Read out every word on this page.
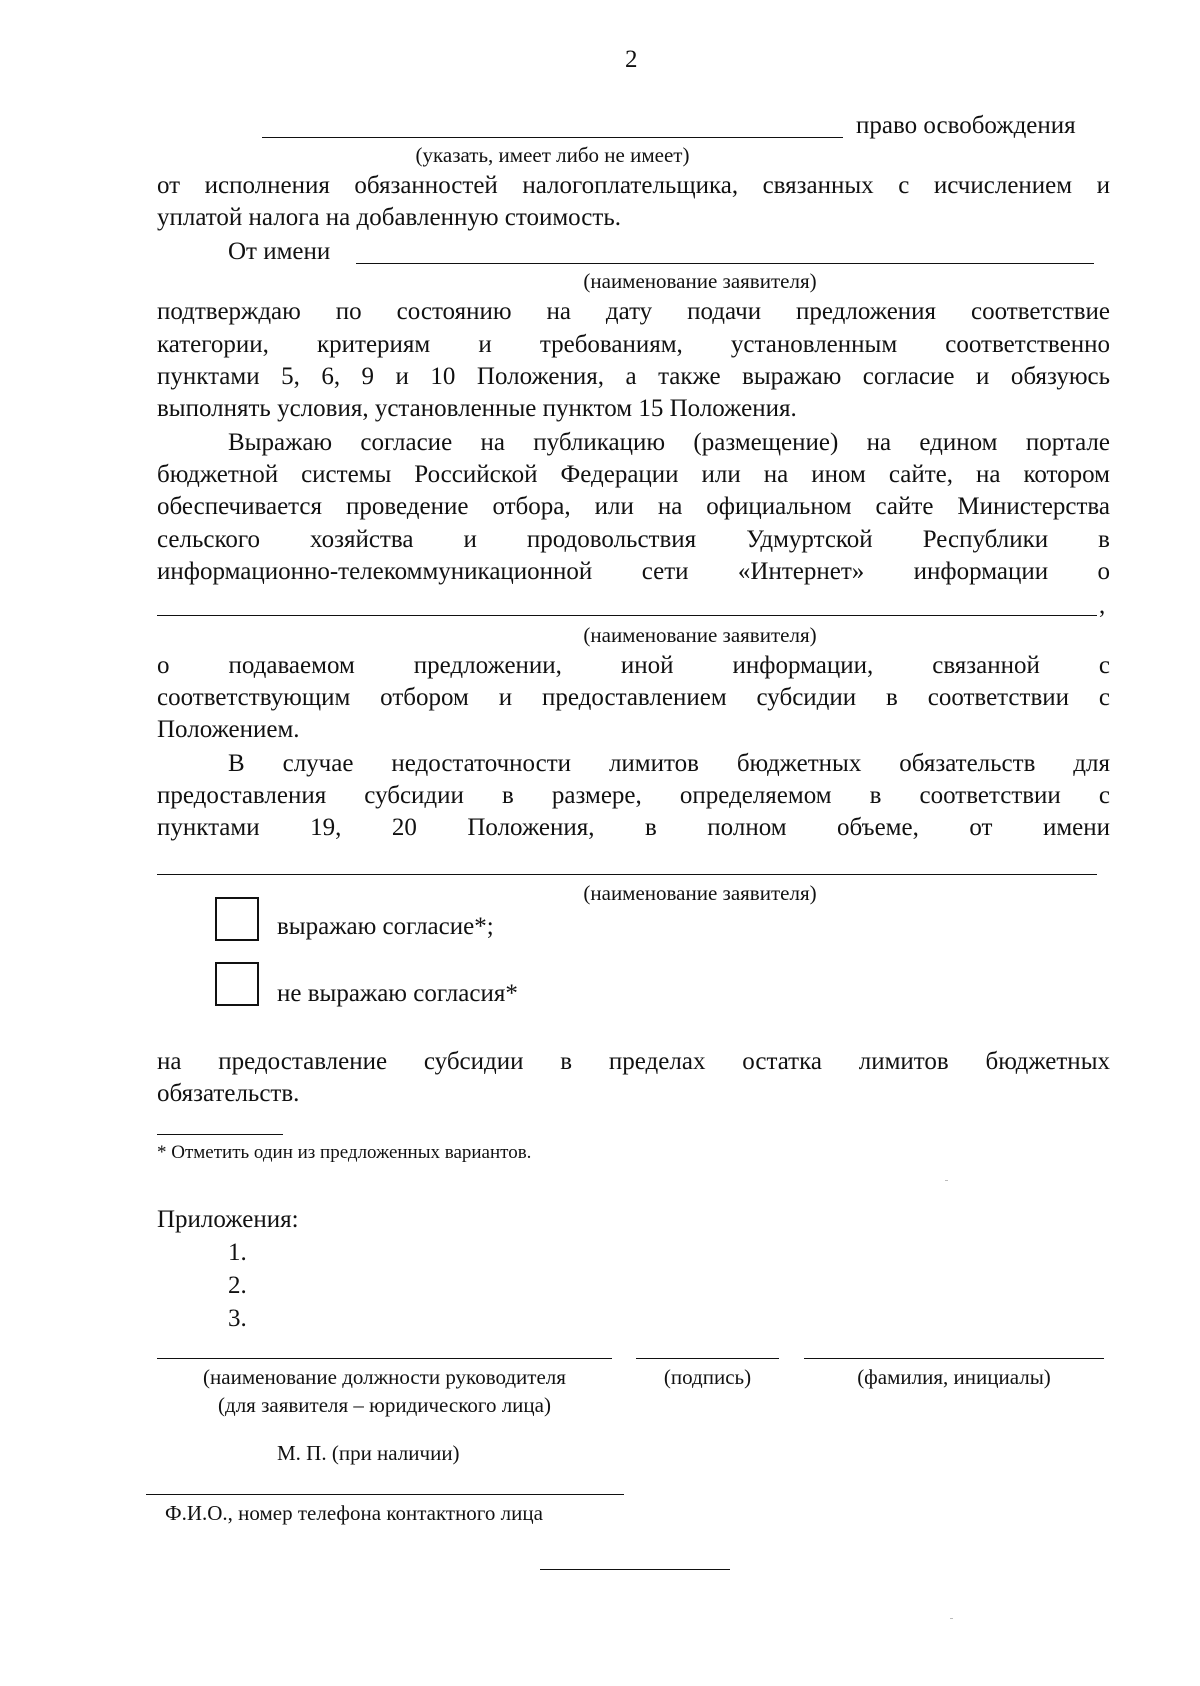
2
право освобождения
(указать, имеет либо не имеет)
от исполнения обязанностей налогоплательщика, связанных с исчислением и
уплатой налога на добавленную стоимость.
От имени
(наименование заявителя)
подтверждаю по состоянию на дату подачи предложения соответствие
категории, критериям и требованиям, установленным соответственно
пунктами 5, 6, 9 и 10 Положения, а также выражаю согласие и обязуюсь
выполнять условия, установленные пунктом 15 Положения.
Выражаю согласие на публикацию (размещение) на едином портале
бюджетной системы Российской Федерации или на ином сайте, на котором
обеспечивается проведение отбора, или на официальном сайте Министерства
сельского хозяйства и продовольствия Удмуртской Республики в
информационно-телекоммуникационной сети «Интернет» информации о
,
(наименование заявителя)
о подаваемом предложении, иной информации, связанной с
соответствующим отбором и предоставлением субсидии в соответствии с
Положением.
В случае недостаточности лимитов бюджетных обязательств для
предоставления субсидии в размере, определяемом в соответствии с
пунктами 19, 20 Положения, в полном объеме, от имени
(наименование заявителя)
выражаю согласие*;
не выражаю согласия*
на предоставление субсидии в пределах остатка лимитов бюджетных
обязательств.
* Отметить один из предложенных вариантов.
Приложения:
1.
2.
3.
(наименование должности руководителя
(для заявителя – юридического лица)
(подпись)	(фамилия, инициалы)
М. П. (при наличии)
Ф.И.О., номер телефона контактного лица
